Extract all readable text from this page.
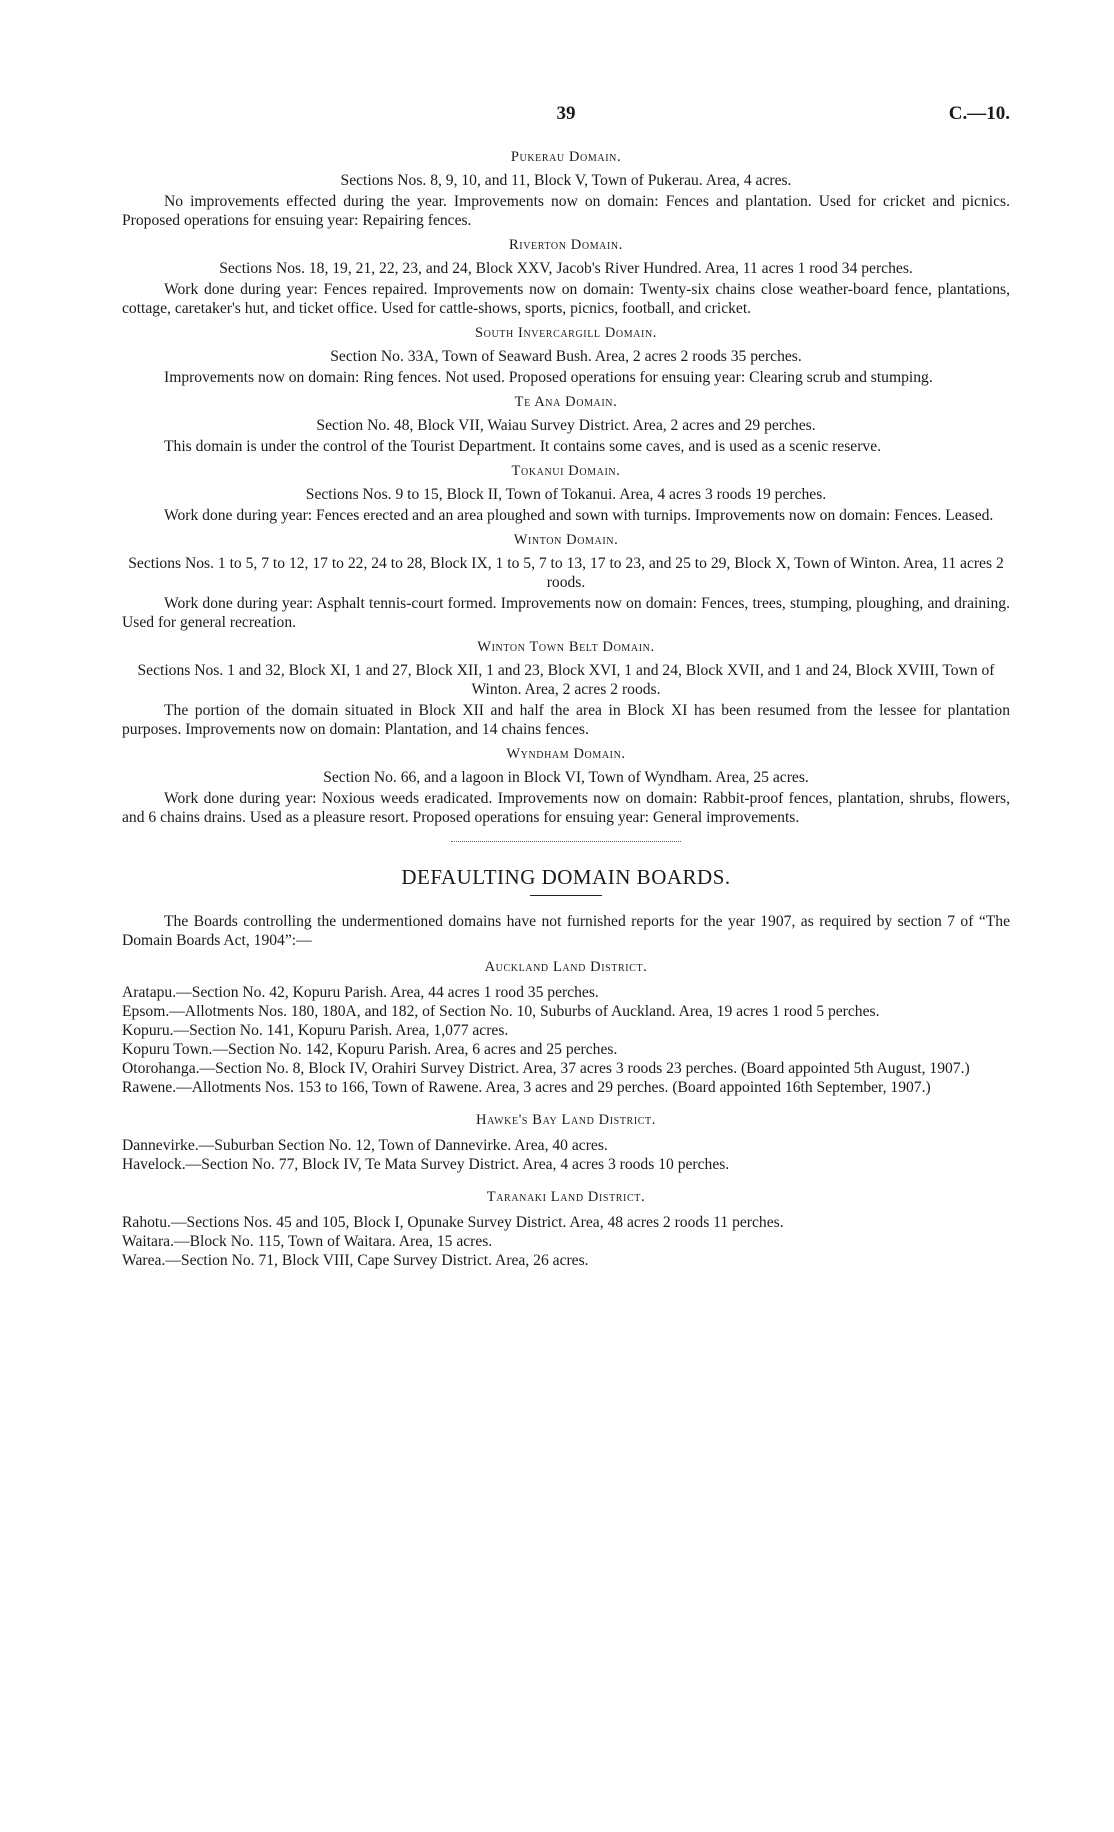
39	C.—10.
Pukerau Domain.
Sections Nos. 8, 9, 10, and 11, Block V, Town of Pukerau. Area, 4 acres.
No improvements effected during the year. Improvements now on domain: Fences and plantation. Used for cricket and picnics. Proposed operations for ensuing year: Repairing fences.
Riverton Domain.
Sections Nos. 18, 19, 21, 22, 23, and 24, Block XXV, Jacob's River Hundred. Area, 11 acres 1 rood 34 perches.
Work done during year: Fences repaired. Improvements now on domain: Twenty-six chains close weather-board fence, plantations, cottage, caretaker's hut, and ticket office. Used for cattle-shows, sports, picnics, football, and cricket.
South Invercargill Domain.
Section No. 33A, Town of Seaward Bush. Area, 2 acres 2 roods 35 perches.
Improvements now on domain: Ring fences. Not used. Proposed operations for ensuing year: Clearing scrub and stumping.
Te Ana Domain.
Section No. 48, Block VII, Waiau Survey District. Area, 2 acres and 29 perches.
This domain is under the control of the Tourist Department. It contains some caves, and is used as a scenic reserve.
Tokanui Domain.
Sections Nos. 9 to 15, Block II, Town of Tokanui. Area, 4 acres 3 roods 19 perches.
Work done during year: Fences erected and an area ploughed and sown with turnips. Improvements now on domain: Fences. Leased.
Winton Domain.
Sections Nos. 1 to 5, 7 to 12, 17 to 22, 24 to 28, Block IX, 1 to 5, 7 to 13, 17 to 23, and 25 to 29, Block X, Town of Winton. Area, 11 acres 2 roods.
Work done during year: Asphalt tennis-court formed. Improvements now on domain: Fences, trees, stumping, ploughing, and draining. Used for general recreation.
Winton Town Belt Domain.
Sections Nos. 1 and 32, Block XI, 1 and 27, Block XII, 1 and 23, Block XVI, 1 and 24, Block XVII, and 1 and 24, Block XVIII, Town of Winton. Area, 2 acres 2 roods.
The portion of the domain situated in Block XII and half the area in Block XI has been resumed from the lessee for plantation purposes. Improvements now on domain: Plantation, and 14 chains fences.
Wyndham Domain.
Section No. 66, and a lagoon in Block VI, Town of Wyndham. Area, 25 acres.
Work done during year: Noxious weeds eradicated. Improvements now on domain: Rabbit-proof fences, plantation, shrubs, flowers, and 6 chains drains. Used as a pleasure resort. Proposed operations for ensuing year: General improvements.
DEFAULTING DOMAIN BOARDS.
The Boards controlling the undermentioned domains have not furnished reports for the year 1907, as required by section 7 of “The Domain Boards Act, 1904”:—
Auckland Land District.

Aratapu.—Section No. 42, Kopuru Parish. Area, 44 acres 1 rood 35 perches.

Epsom.—Allotments Nos. 180, 180A, and 182, of Section No. 10, Suburbs of Auckland. Area, 19 acres 1 rood 5 perches.

Kopuru.—Section No. 141, Kopuru Parish. Area, 1,077 acres.

Kopuru Town.—Section No. 142, Kopuru Parish. Area, 6 acres and 25 perches.

Otorohanga.—Section No. 8, Block IV, Orahiri Survey District. Area, 37 acres 3 roods 23 perches. (Board appointed 5th August, 1907.)

Rawene.—Allotments Nos. 153 to 166, Town of Rawene. Area, 3 acres and 29 perches. (Board appointed 16th September, 1907.)

Hawke's Bay Land District.

Dannevirke.—Suburban Section No. 12, Town of Dannevirke. Area, 40 acres.

Havelock.—Section No. 77, Block IV, Te Mata Survey District. Area, 4 acres 3 roods 10 perches.

Taranaki Land District.

Rahotu.—Sections Nos. 45 and 105, Block I, Opunake Survey District. Area, 48 acres 2 roods 11 perches.

Waitara.—Block No. 115, Town of Waitara. Area, 15 acres.

Warea.—Section No. 71, Block VIII, Cape Survey District. Area, 26 acres.
